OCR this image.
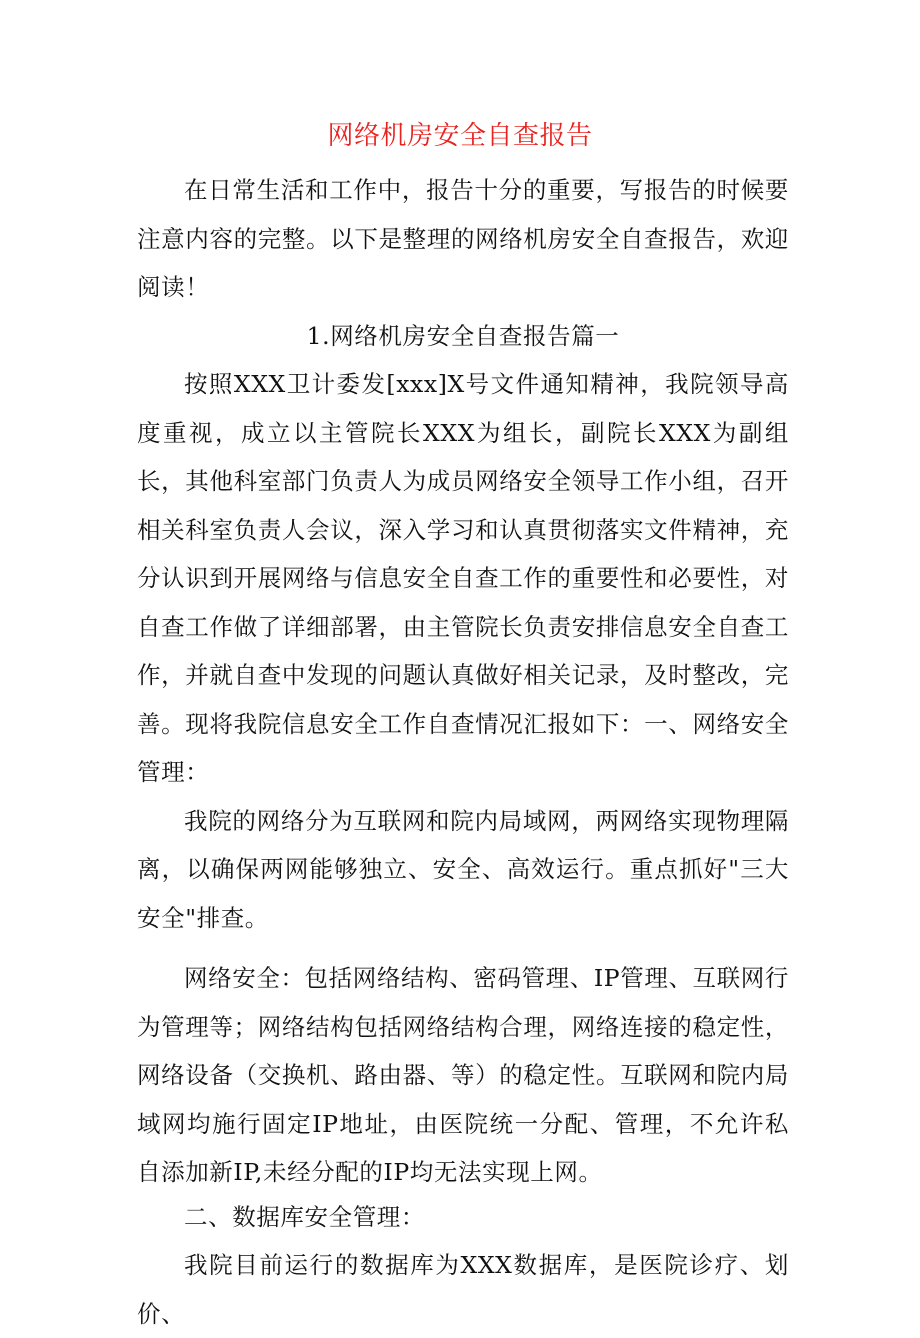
网络机房安全自查报告

在日常生活和工作中，报告十分的重要，写报告的时候要注意内容的完整。以下是整理的网络机房安全自查报告，欢迎阅读！

1.网络机房安全自查报告篇一

按照XXX卫计委发[xxx]X号文件通知精神，我院领导高度重视，成立以主管院长XXX为组长，副院长XXX为副组长，其他科室部门负责人为成员网络安全领导工作小组，召开相关科室负责人会议，深入学习和认真贯彻落实文件精神，充分认识到开展网络与信息安全自查工作的重要性和必要性，对自查工作做了详细部署，由主管院长负责安排信息安全自查工作，并就自查中发现的问题认真做好相关记录，及时整改，完善。现将我院信息安全工作自查情况汇报如下：一、网络安全管理：

我院的网络分为互联网和院内局域网，两网络实现物理隔离，以确保两网能够独立、安全、高效运行。重点抓好"三大安全"排查。

网络安全：包括网络结构、密码管理、IP管理、互联网行为管理等；网络结构包括网络结构合理，网络连接的稳定性，网络设备（交换机、路由器、等）的稳定性。互联网和院内局域网均施行固定IP地址，由医院统一分配、管理，不允许私自添加新IP,未经分配的IP均无法实现上网。

二、数据库安全管理：

我院目前运行的数据库为XXX数据库，是医院诊疗、划价、
